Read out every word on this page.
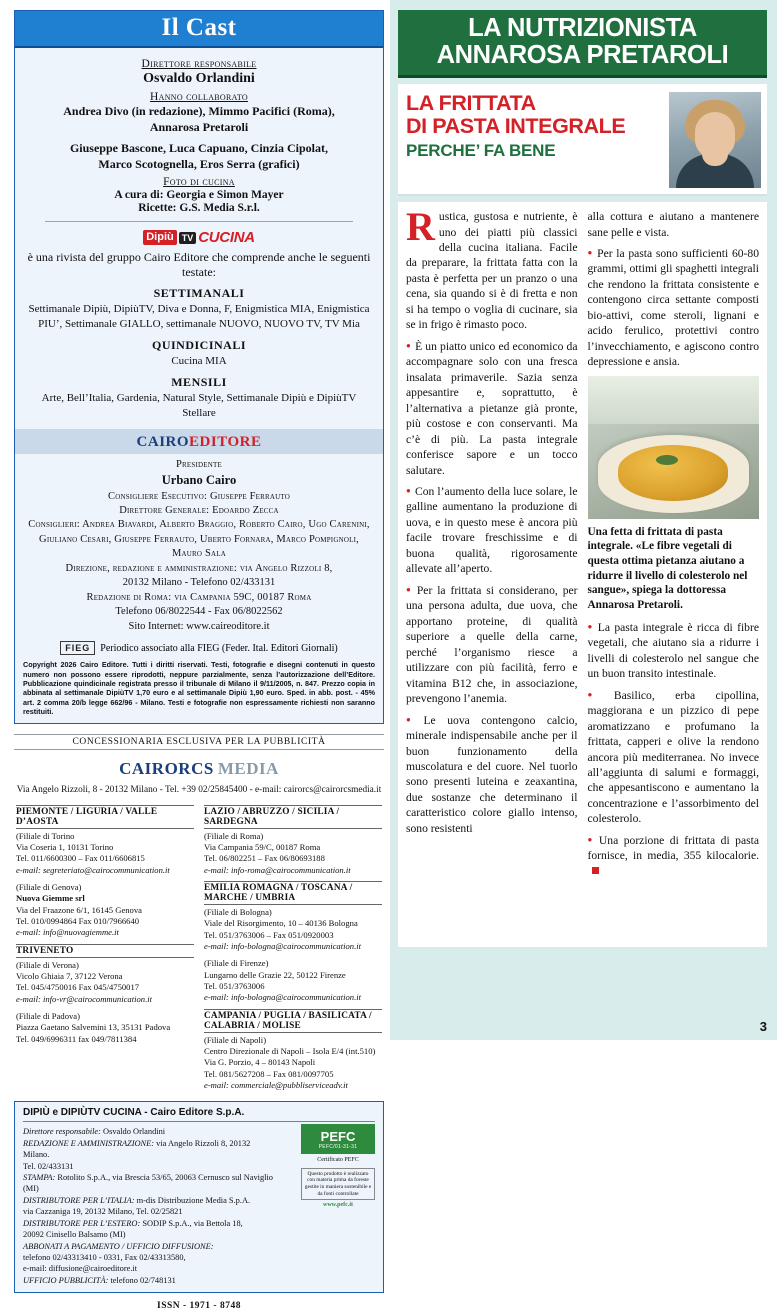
Il Cast
Direttore responsabile
Osvaldo Orlandini
Hanno collaborato
Andrea Divo (in redazione), Mimmo Pacifici (Roma),
Annarosa Pretaroli
Giuseppe Bascone, Luca Capuano, Cinzia Cipolat,
Marco Scotognella, Eros Serra (grafici)
Foto di cucina
A cura di: Georgia e Simon Mayer
Ricette: G.S. Media S.r.l.
Dipiù TV CUCINA
è una rivista del gruppo Cairo Editore che comprende anche le seguenti testate:
SETTIMANALI
Settimanale Dipiù, DipiùTV, Diva e Donna, F, Enigmistica MIA, Enigmistica PIU’, Settimanale GIALLO, settimanale NUOVO, NUOVO TV, TV Mia
QUINDICINALI
Cucina MIA
MENSILI
Arte, Bell’Italia, Gardenia, Natural Style, Settimanale Dipiù e DipiùTV Stellare
CAIROEDITORE
Presidente
Urbano Cairo
Consigliere Esecutivo: Giuseppe Ferrauto
Direttore Generale: Edoardo Zecca
Consiglieri: Andrea Biavardi, Alberto Braggio, Roberto Cairo, Ugo Carenini,
Giuliano Cesari, Giuseppe Ferrauto, Uberto Fornara, Marco Pompignoli, Mauro Sala
Direzione, redazione e amministrazione: via Angelo Rizzoli 8,
20132 Milano - Telefono 02/433131
Redazione di Roma: via Campania 59C, 00187 Roma
Telefono 06/8022544 - Fax 06/8022562
Sito Internet: www.caireoditore.it
FIEG	Periodico associato alla FIEG (Feder. Ital. Editori Giornali)
Copyright 2026 Cairo Editore. Tutti i diritti riservati. Testi, fotografie e disegni contenuti in questo numero non possono essere riprodotti, neppure parzialmente, senza l’autorizzazione dell’Editore. Pubblicazione quindicinale registrata presso il tribunale di Milano il 9/11/2005, n. 847. Prezzo copia in abbinata al settimanale DipiùTV 1,70 euro e al settimanale Dipiù 1,90 euro. Sped. in abb. post. - 45% art. 2 comma 20/b legge 662/96 - Milano. Testi e fotografie non espressamente richiesti non saranno restituiti.
CONCESSIONARIA ESCLUSIVA PER LA PUBBLICITÀ
CAIRORCS MEDIA
Via Angelo Rizzoli, 8 - 20132 Milano - Tel. +39 02/25845400 - e-mail: cairorcs@cairorcsmedia.it
PIEMONTE / LIGURIA / VALLE D’AOSTA
(Filiale di Torino
Via Coseria 1, 10131 Torino
Tel. 011/6600300 – Fax 011/6606815
e-mail: segreteriato@cairocommunication.it
(Filiale di Genova)
Nuova Giemme srl
Via del Fraazone 6/1, 16145 Genova
Tel. 010/0994864 Fax 010/7966640
e-mail: info@nuovagiemme.it
TRIVENETO
(Filiale di Verona)
Vicolo Ghiaia 7, 37122 Verona
Tel. 045/4750016 Fax 045/4750017
e-mail: info-vr@cairocommunication.it
(Filiale di Padova)
Piazza Gaetano Salvemini 13, 35131 Padova
Tel. 049/6996311 fax 049/7811384
LAZIO / ABRUZZO / SICILIA / SARDEGNA
(Filiale di Roma)
Via Campania 59/C, 00187 Roma
Tel. 06/802251 – Fax 06/80693188
e-mail: info-roma@cairocommunication.it
EMILIA ROMAGNA / TOSCANA / MARCHE / UMBRIA
(Filiale di Bologna)
Viale del Risorgimento, 10 – 40136 Bologna
Tel. 051/3763006 – Fax 051/0920003
e-mail: info-bologna@cairocommunication.it
(Filiale di Firenze)
Lungarno delle Grazie 22, 50122 Firenze
Tel. 051/3763006
e-mail: info-bologna@cairocommunication.it
CAMPANIA / PUGLIA / BASILICATA / CALABRIA / MOLISE
(Filiale di Napoli)
Centro Direzionale di Napoli – Isola E/4 (int.510)
Via G. Porzio, 4 – 80143 Napoli
Tel. 081/5627208 – Fax 081/0097705
e-mail: commerciale@pubbliserviceadv.it
DIPIÙ e DIPIÙTV CUCINA - Cairo Editore S.p.A.
Direttore responsabile: Osvaldo Orlandini
REDAZIONE E AMMINISTRAZIONE: via Angelo Rizzoli 8, 20132 Milano.
Tel. 02/433131
STAMPA: Rotolito S.p.A., via Brescia 53/65, 20063 Cernusco sul Naviglio (MI)
DISTRIBUTORE PER L’ITALIA: m-dis Distribuzione Media S.p.A.
via Cazzaniga 19, 20132 Milano, Tel. 02/25821
DISTRIBUTORE PER L’ESTERO: SODIP S.p.A., via Bettola 18,
20092 Cinisello Balsamo (MI)
ABBONATI A PAGAMENTO / UFFICIO DIFFUSIONE:
telefono 02/43313410 - 0331, Fax 02/43313580,
e-mail: diffusione@cairoeditore.it
UFFICIO PUBBLICITÀ: telefono 02/748131
PEFC
PEFC/01-31-31
Certificato PEFC
Questo prodotto è realizzato con materia prima da foreste gestite in maniera sostenibile e da fonti controllate
www.pefc.it
ISSN - 1971 - 8748
LA NUTRIZIONISTA
ANNAROSA PRETAROLI
LA FRITTATA
DI PASTA INTEGRALE
PERCHE’ FA BENE

Rustica, gustosa e nutriente, è uno dei piatti più classici della cucina italiana. Facile da preparare, la frittata fatta con la pasta è perfetta per un pranzo o una cena, sia quando si è di fretta e non si ha tempo o voglia di cucinare, sia se in frigo è rimasto poco.

● È un piatto unico ed economico da accompagnare solo con una fresca insalata primaverile. Sazia senza appesantire e, soprattutto, è l’alternativa a pietanze già pronte, più costose e con conservanti. Ma c’è di più. La pasta integrale conferisce sapore e un tocco salutare.

● Con l’aumento della luce solare, le galline aumentano la produzione di uova, e in questo mese è ancora più facile trovare freschissime e di buona qualità, rigorosamente allevate all’aperto.

● Per la frittata si considerano, per una persona adulta, due uova, che apportano proteine, di qualità superiore a quelle della carne, perché l’organismo riesce a utilizzare con più facilità, ferro e vitamina B12 che, in associazione, prevengono l’anemia.

● Le uova contengono calcio, minerale indispensabile anche per il buon funzionamento della muscolatura e del cuore. Nel tuorlo sono presenti luteina e zeaxantina, due sostanze che determinano il caratteristico colore giallo intenso, sono resistenti

alla cottura e aiutano a mantenere sane pelle e vista.

● Per la pasta sono sufficienti 60-80 grammi, ottimi gli spaghetti integrali che rendono la frittata consistente e contengono circa settante composti bio-attivi, come steroli, lignani e acido ferulico, protettivi contro l’invecchiamento, e agiscono contro depressione e ansia.

Una fetta di frittata di pasta integrale. «Le fibre vegetali di questa ottima pietanza aiutano a ridurre il livello di colesterolo nel sangue», spiega la dottoressa Annarosa Pretaroli.

● La pasta integrale è ricca di fibre vegetali, che aiutano sia a ridurre i livelli di colesterolo nel sangue che un buon transito intestinale.

● Basilico, erba cipollina, maggiorana e un pizzico di pepe aromatizzano e profumano la frittata, capperi e olive la rendono ancora più mediterranea. No invece all’aggiunta di salumi e formaggi, che appesantiscono e aumentano la concentrazione e l’assorbimento del colesterolo.

● Una porzione di frittata di pasta fornisce, in media, 355 kilocalorie.

3
